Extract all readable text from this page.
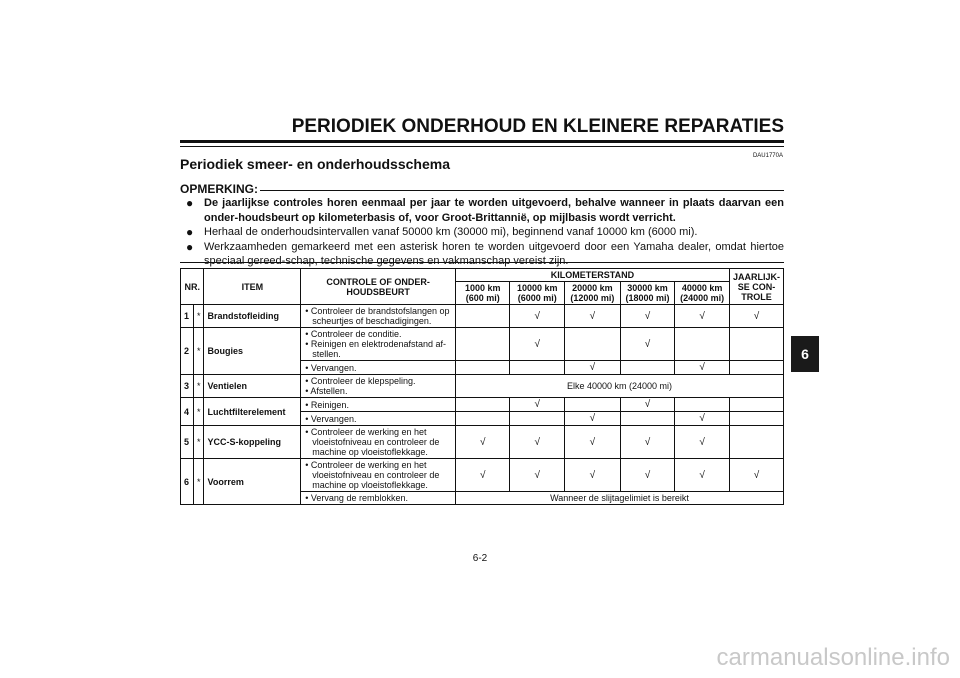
PERIODIEK ONDERHOUD EN KLEINERE REPARATIES
DAU1770A
Periodiek smeer- en onderhoudsschema
OPMERKING:
● De jaarlijkse controles horen eenmaal per jaar te worden uitgevoerd, behalve wanneer in plaats daarvan een onder-houdsbeurt op kilometerbasis of, voor Groot-Brittannië, op mijlbasis wordt verricht.
● Herhaal de onderhoudsintervallen vanaf 50000 km (30000 mi), beginnend vanaf 10000 km (6000 mi).
● Werkzaamheden gemarkeerd met een asterisk horen te worden uitgevoerd door een Yamaha dealer, omdat hiertoe speciaal gereed-schap, technische gegevens en vakmanschap vereist zijn.
NR.		ITEM	CONTROLE OF ONDER-HOUDSBEURT	KILOMETERSTAND					JAARLIJK-SE CON-TROLE
				1000 km (600 mi)	10000 km (6000 mi)	20000 km (12000 mi)	30000 km (18000 mi)	40000 km (24000 mi)	
1	*	Brandstofleiding	• Controleer de brandstofslangen op scheurtjes of beschadigingen.		√	√	√	√	√
2	*	Bougies	• Controleer de conditie.
• Reinigen en elektrodenafstand af-stellen.		√		√		

			• Vervangen.			√		√	
3	*	Ventielen	• Controleer de klepspeling.
• Afstellen.	Elke 40000 km (24000 mi)					
4	*	Luchtfilterelement	• Reinigen.		√		√		

			• Vervangen.			√		√	
5	*	YCC-S-koppeling	• Controleer de werking en het vloeistofniveau en controleer de machine op vloeistoflekkage.	√	√	√	√	√	
6	*	Voorrem	• Controleer de werking en het vloeistofniveau en controleer de machine op vloeistoflekkage.	√	√	√	√	√	√

			• Vervang de remblokken.	Wanneer de slijtagelimiet is bereikt					
6
6-2
carmanualsonline.info
